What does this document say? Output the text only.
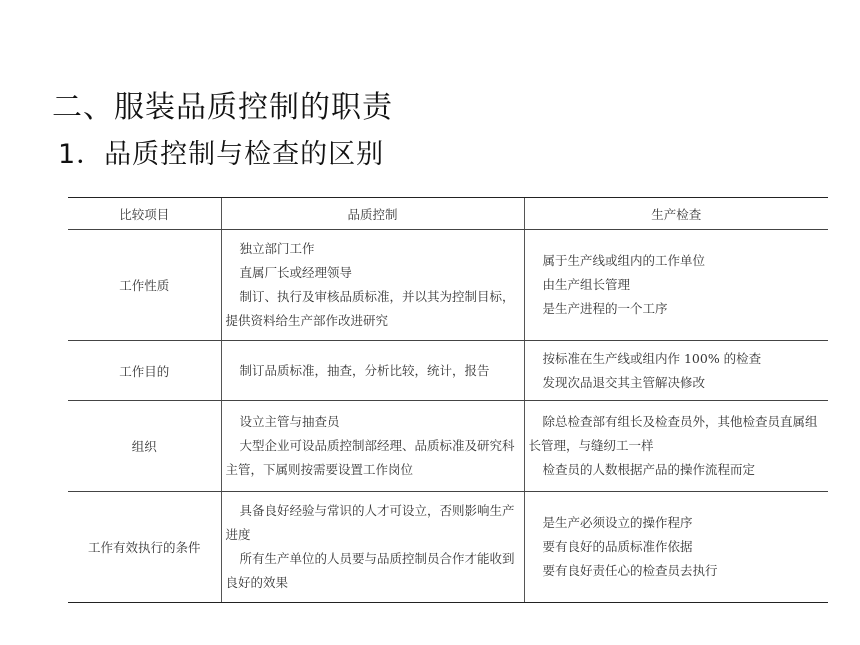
二、服装品质控制的职责
1．品质控制与检查的区别
比较项目	品质控制	生产检查
工作性质	独立部门工作
直属厂长或经理领导
制订、执行及审核品质标准，并以其为控制目标，提供资料给生产部作改进研究	属于生产线或组内的工作单位
由生产组长管理
是生产进程的一个工序

工作目的	制订品质标准，抽查，分析比较，统计，报告	按标准在生产线或组内作 100% 的检查
发现次品退交其主管解决修改

组织	设立主管与抽查员
大型企业可设品质控制部经理、品质标准及研究科主管，下属则按需要设置工作岗位	除总检查部有组长及检查员外，其他检查员直属组长管理，与缝纫工一样
检查员的人数根据产品的操作流程而定

工作有效执行的条件	具备良好经验与常识的人才可设立，否则影响生产进度
所有生产单位的人员要与品质控制员合作才能收到良好的效果	是生产必须设立的操作程序
要有良好的品质标准作依据
要有良好责任心的检查员去执行
